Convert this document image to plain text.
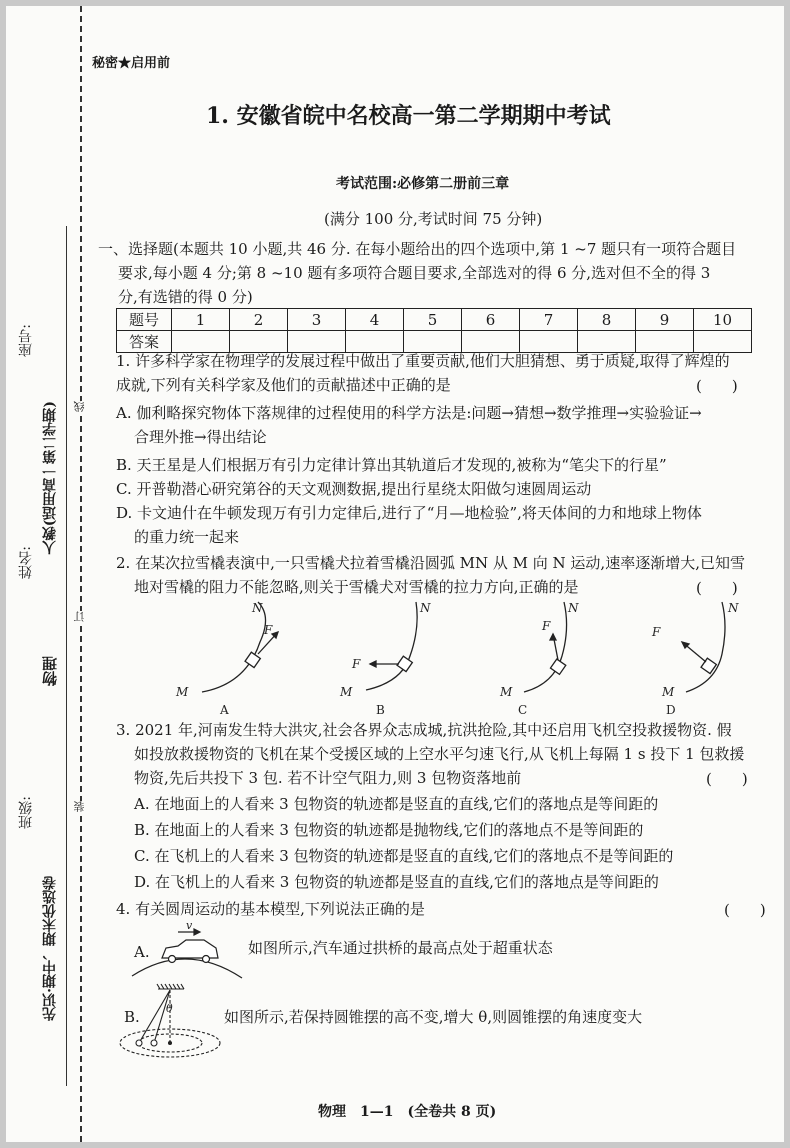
座号:
姓名:
班级:
人教(适用高一第二学期)
物理
先识·期中、期末优选卷
线
订
装
秘密★启用前
1. 安徽省皖中名校高一第二学期期中考试
考试范围:必修第二册前三章
(满分 100 分,考试时间 75 分钟)
一、选择题(本题共 10 小题,共 46 分. 在每小题给出的四个选项中,第 1 ~7 题只有一项符合题目
要求,每小题 4 分;第 8 ~10 题有多项符合题目要求,全部选对的得 6 分,选对但不全的得 3
分,有选错的得 0 分)
题号	1	2	3	4	5	6	7	8	9	10
答案										
1. 许多科学家在物理学的发展过程中做出了重要贡献,他们大胆猜想、勇于质疑,取得了辉煌的
成就,下列有关科学家及他们的贡献描述中正确的是	(　　)
A. 伽利略探究物体下落规律的过程使用的科学方法是:问题→猜想→数学推理→实验验证→
合理外推→得出结论
B. 天王星是人们根据万有引力定律计算出其轨道后才发现的,被称为“笔尖下的行星”
C. 开普勒潜心研究第谷的天文观测数据,提出行星绕太阳做匀速圆周运动
D. 卡文迪什在牛顿发现万有引力定律后,进行了“月—地检验”,将天体间的力和地球上物体
的重力统一起来
2. 在某次拉雪橇表演中,一只雪橇犬拉着雪橇沿圆弧 MN 从 M 向 N 运动,速率逐渐增大,已知雪
地对雪橇的阻力不能忽略,则关于雪橇犬对雪橇的拉力方向,正确的是	(　　)
M
N
F
A
M
N
F
B
M
N
F
C
M
N
F
D
v
θ
3. 2021 年,河南发生特大洪灾,社会各界众志成城,抗洪抢险,其中还启用飞机空投救援物资. 假
如投放救援物资的飞机在某个受援区域的上空水平匀速飞行,从飞机上每隔 1 s 投下 1 包救援
物资,先后共投下 3 包. 若不计空气阻力,则 3 包物资落地前	(　　)
A. 在地面上的人看来 3 包物资的轨迹都是竖直的直线,它们的落地点是等间距的
B. 在地面上的人看来 3 包物资的轨迹都是抛物线,它们的落地点不是等间距的
C. 在飞机上的人看来 3 包物资的轨迹都是竖直的直线,它们的落地点不是等间距的
D. 在飞机上的人看来 3 包物资的轨迹都是竖直的直线,它们的落地点是等间距的
4. 有关圆周运动的基本模型,下列说法正确的是	(　　)
A.	如图所示,汽车通过拱桥的最高点处于超重状态
B.	如图所示,若保持圆锥摆的高不变,增大 θ,则圆锥摆的角速度变大
物理　1—1　(全卷共 8 页)
